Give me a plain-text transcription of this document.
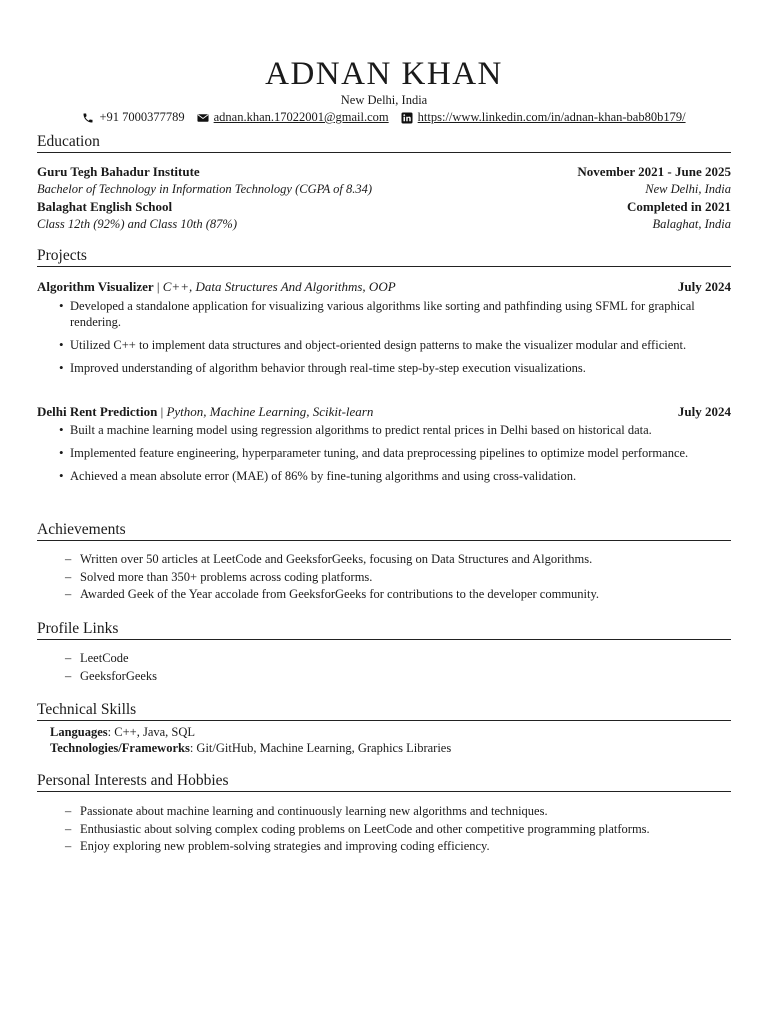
ADNAN KHAN
New Delhi, India
+91 7000377789 adnan.khan.17022001@gmail.com https://www.linkedin.com/in/adnan-khan-bab80b179/
Education
Guru Tegh Bahadur Institute	November 2021 - June 2025
Bachelor of Technology in Information Technology (CGPA of 8.34)	New Delhi, India
Balaghat English School	Completed in 2021
Class 12th (92%) and Class 10th (87%)	Balaghat, India
Projects
Algorithm Visualizer | C++, Data Structures And Algorithms, OOP	July 2024
• Developed a standalone application for visualizing various algorithms like sorting and pathfinding using SFML for graphical rendering.
• Utilized C++ to implement data structures and object-oriented design patterns to make the visualizer modular and efficient.
• Improved understanding of algorithm behavior through real-time step-by-step execution visualizations.
Delhi Rent Prediction | Python, Machine Learning, Scikit-learn	July 2024
• Built a machine learning model using regression algorithms to predict rental prices in Delhi based on historical data.
• Implemented feature engineering, hyperparameter tuning, and data preprocessing pipelines to optimize model performance.
• Achieved a mean absolute error (MAE) of 86% by fine-tuning algorithms and using cross-validation.
Achievements
– Written over 50 articles at LeetCode and GeeksforGeeks, focusing on Data Structures and Algorithms.
– Solved more than 350+ problems across coding platforms.
– Awarded Geek of the Year accolade from GeeksforGeeks for contributions to the developer community.
Profile Links
– LeetCode
– GeeksforGeeks
Technical Skills
Languages: C++, Java, SQL
Technologies/Frameworks: Git/GitHub, Machine Learning, Graphics Libraries
Personal Interests and Hobbies
– Passionate about machine learning and continuously learning new algorithms and techniques.
– Enthusiastic about solving complex coding problems on LeetCode and other competitive programming platforms.
– Enjoy exploring new problem-solving strategies and improving coding efficiency.
